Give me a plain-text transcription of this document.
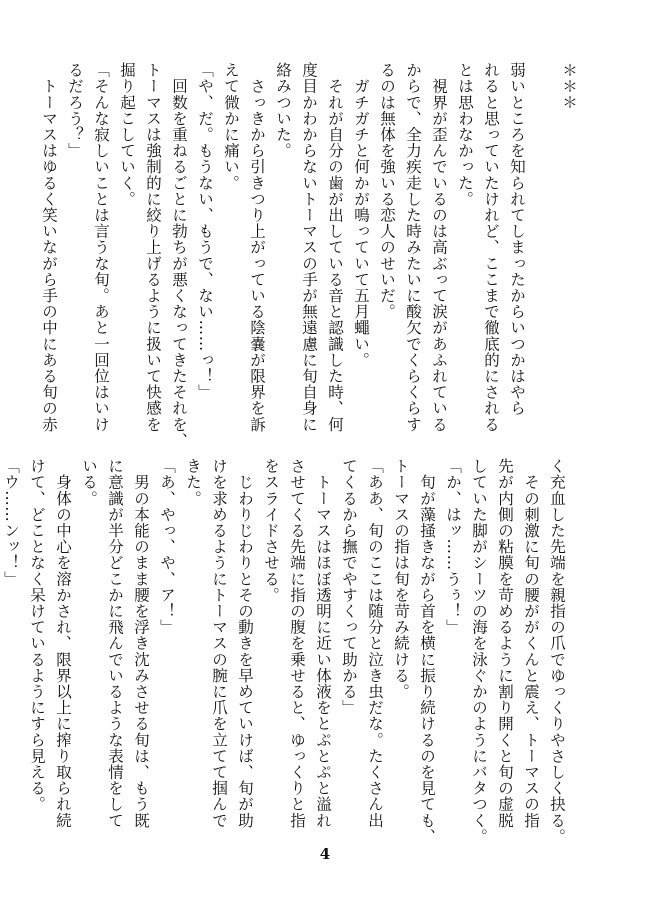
＊＊＊

弱いところを知られてしまったからいつかはやら
れると思っていたけれど、ここまで徹底的にされる
とは思わなかった。
　視界が歪んでいるのは高ぶって涙があふれている
からで、全力疾走した時みたいに酸欠でくらくらす
るのは無体を強いる恋人のせいだ。
　ガチガチと何かが鳴っていて五月蠅い。
　それが自分の歯が出している音と認識した時、何
度目かわからないトーマスの手が無遠慮に旬自身に
絡みついた。
　さっきから引きつり上がっている陰嚢が限界を訴
えて微かに痛い。
「や、だ。もうない、もうで、ない……っ！」
　回数を重ねるごとに勃ちが悪くなってきたそれを、
トーマスは強制的に絞り上げるように扱いて快感を
掘り起こしていく。
「そんな寂しいことは言うな旬。あと一回位はいけ
るだろう？」
　トーマスはゆるく笑いながら手の中にある旬の赤
く充血した先端を親指の爪でゆっくりやさしく抉る。
　その刺激に旬の腰ががくんと震え、トーマスの指
先が内側の粘膜を苛めるように割り開くと旬の虚脱
していた脚がシーツの海を泳ぐかのようにバタつく。
「か、はッ……うぅ！」
　旬が藻掻きながら首を横に振り続けるのを見ても、
トーマスの指は旬を苛み続ける。
「ああ、旬のここは随分と泣き虫だな。たくさん出
てくるから撫でやすくって助かる」
　トーマスはほぼ透明に近い体液をとぷとぷと溢れ
させてくる先端に指の腹を乗せると、ゆっくりと指
をスライドさせる。
　じわりじわりとその動きを早めていけば、旬が助
けを求めるようにトーマスの腕に爪を立てて掴んで
きた。
「あ、やっ、や、ア！」
　男の本能のまま腰を浮き沈みさせる旬は、もう既
に意識が半分どこかに飛んでいるような表情をして
いる。
　身体の中心を溶かされ、限界以上に搾り取られ続
けて、どことなく呆けているようにすら見える。
「ウ……ンッ！」
4
